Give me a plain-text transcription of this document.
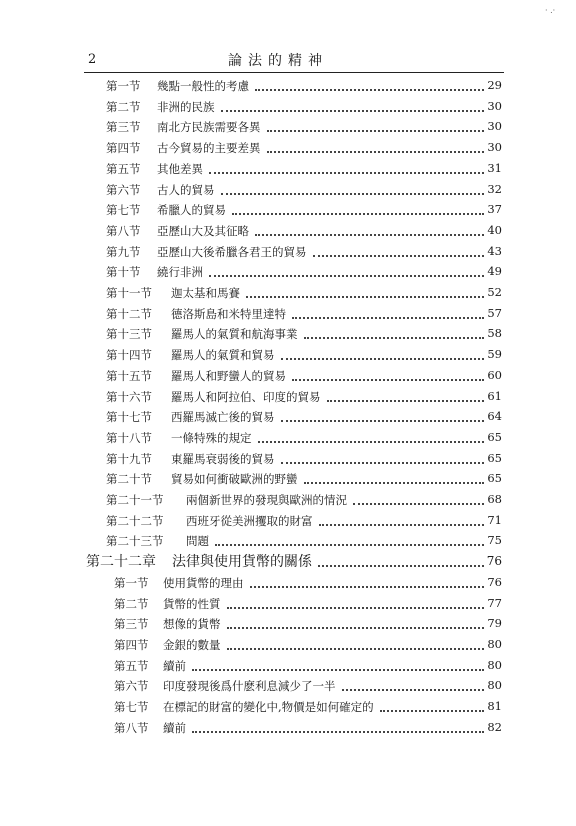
· .·
2	論法的精神
第一节 幾點一般性的考慮	29
第二节 非洲的民族	30
第三节 南北方民族需要各異	30
第四节 古今貿易的主要差異	30
第五节 其他差異	31
第六节 古人的貿易	32
第七节 希臘人的貿易	37
第八节 亞歷山大及其征略	40
第九节 亞歷山大後希臘各君王的貿易	43
第十节 繞行非洲	49
第十一节 迦太基和馬賽	52
第十二节 德洛斯島和米特里達特	57
第十三节 羅馬人的氣質和航海事業	58
第十四节 羅馬人的氣質和貿易	59
第十五节 羅馬人和野蠻人的貿易	60
第十六节 羅馬人和阿拉伯、印度的貿易	61
第十七节 西羅馬滅亡後的貿易	64
第十八节 一條特殊的規定	65
第十九节 東羅馬衰弱後的貿易	65
第二十节 貿易如何衝破歐洲的野蠻	65
第二十一节 兩個新世界的發現與歐洲的情況	68
第二十二节 西班牙從美洲攫取的財富	71
第二十三节 問題	75
第二十二章 法律與使用貨幣的關係	76
第一节 使用貨幣的理由	76
第二节 貨幣的性質	77
第三节 想像的貨幣	79
第四节 金銀的數量	80
第五节 續前	80
第六节 印度發現後爲什麽利息減少了一半	80
第七节 在標記的財富的變化中,物價是如何確定的	81
第八节 續前	82
